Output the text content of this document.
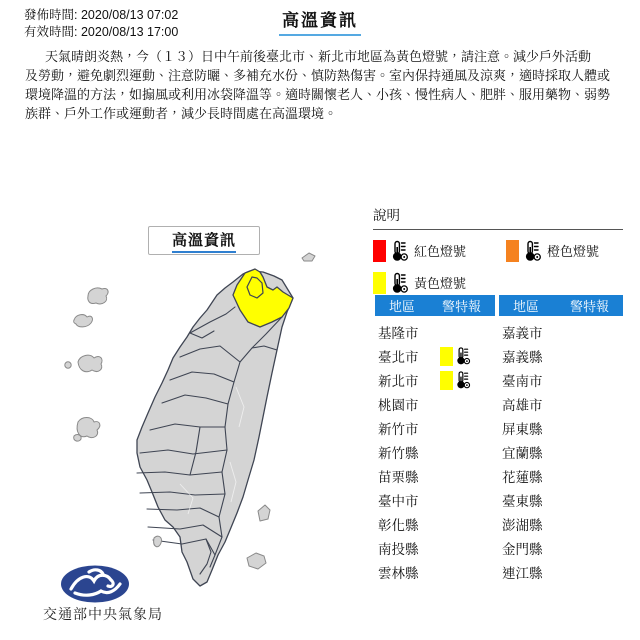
發佈時間: 2020/08/13 07:02
有效時間: 2020/08/13 17:00
高溫資訊
天氣晴朗炎熱，今（１３）日中午前後臺北市、新北市地區為黃色燈號，請注意。減少戶外活動
及勞動，避免劇烈運動、注意防曬、多補充水份、慎防熱傷害。室內保持通風及涼爽，適時採取人體或
環境降溫的方法，如搧風或利用冰袋降溫等。適時關懷老人、小孩、慢性病人、肥胖、服用藥物、弱勢
族群、戶外工作或運動者，減少長時間處在高溫環境。
高溫資訊
交通部中央氣象局
說明
紅色燈號	橙色燈號
黃色燈號
地區 警特報
基隆市
臺北市
新北市
桃園市
新竹市
新竹縣
苗栗縣
臺中市
彰化縣
南投縣
雲林縣
地區 警特報
嘉義市
嘉義縣
臺南市
高雄市
屏東縣
宜蘭縣
花蓮縣
臺東縣
澎湖縣
金門縣
連江縣
